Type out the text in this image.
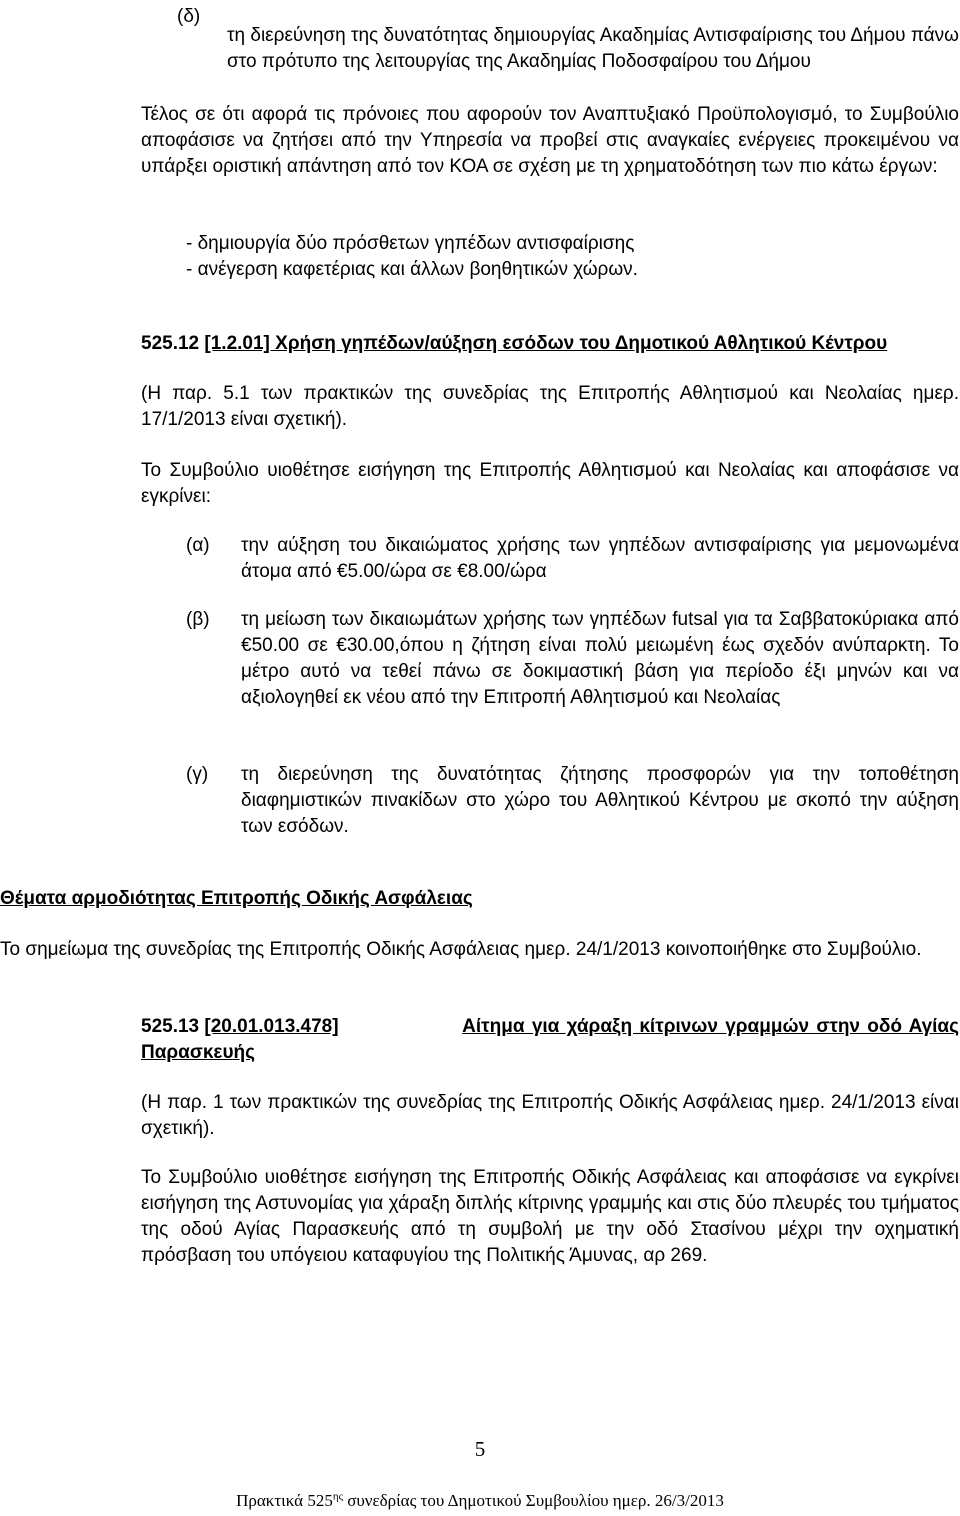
(δ)

τη διερεύνηση της δυνατότητας δημιουργίας Ακαδημίας Αντισφαίρισης του Δήμου πάνω στο πρότυπο της λειτουργίας της Ακαδημίας Ποδοσφαίρου του Δήμου

Τέλος σε ότι αφορά τις πρόνοιες που αφορούν τον Αναπτυξιακό Προϋπολογισμό, το Συμβούλιο αποφάσισε να ζητήσει από την Υπηρεσία να προβεί στις αναγκαίες ενέργειες προκειμένου να υπάρξει οριστική απάντηση από τον ΚΟΑ σε σχέση με τη χρηματοδότηση των πιο κάτω έργων:

- δημιουργία δύο πρόσθετων γηπέδων αντισφαίρισης
- ανέγερση καφετέριας και άλλων βοηθητικών χώρων.
525.12 [1.2.01] Χρήση γηπέδων/αύξηση εσόδων του Δημοτικού Αθλητικού Κέντρου

(Η παρ. 5.1 των πρακτικών της συνεδρίας της Επιτροπής Αθλητισμού και Νεολαίας ημερ. 17/1/2013 είναι σχετική).

Το Συμβούλιο υιοθέτησε εισήγηση της Επιτροπής Αθλητισμού και Νεολαίας και αποφάσισε να εγκρίνει:

(α) την αύξηση του δικαιώματος χρήσης των γηπέδων αντισφαίρισης για μεμονωμένα άτομα από €5.00/ώρα σε €8.00/ώρα

(β) τη μείωση των δικαιωμάτων χρήσης των γηπέδων futsal για τα Σαββατοκύριακα από €50.00 σε €30.00,όπου η ζήτηση είναι πολύ μειωμένη έως σχεδόν ανύπαρκτη. Το μέτρο αυτό να τεθεί πάνω σε δοκιμαστική βάση για περίοδο έξι μηνών και να αξιολογηθεί εκ νέου από την Επιτροπή Αθλητισμού και Νεολαίας

(γ) τη διερεύνηση της δυνατότητας ζήτησης προσφορών για την τοποθέτηση διαφημιστικών πινακίδων στο χώρο του Αθλητικού Κέντρου με σκοπό την αύξηση των εσόδων.

Θέματα αρμοδιότητας Επιτροπής Οδικής Ασφάλειας

Το σημείωμα της συνεδρίας της Επιτροπής Οδικής Ασφάλειας ημερ. 24/1/2013 κοινοποιήθηκε στο Συμβούλιο.

525.13 [20.01.013.478]	Αίτημα για χάραξη κίτρινων γραμμών στην οδό Αγίας
Παρασκευής

(Η παρ. 1 των πρακτικών της συνεδρίας της Επιτροπής Οδικής Ασφάλειας ημερ. 24/1/2013 είναι σχετική).

Το Συμβούλιο υιοθέτησε εισήγηση της Επιτροπής Οδικής Ασφάλειας και αποφάσισε να εγκρίνει εισήγηση της Αστυνομίας για χάραξη διπλής κίτρινης γραμμής και στις δύο πλευρές του τμήματος της οδού Αγίας Παρασκευής από τη συμβολή με την οδό Στασίνου μέχρι την οχηματική πρόσβαση του υπόγειου καταφυγίου της Πολιτικής Άμυνας, αρ 269.

5
Πρακτικά $525^{\eta\varsigma}$ συνεδρίας του Δημοτικού Συμβουλίου ημερ. 26/3/2013
